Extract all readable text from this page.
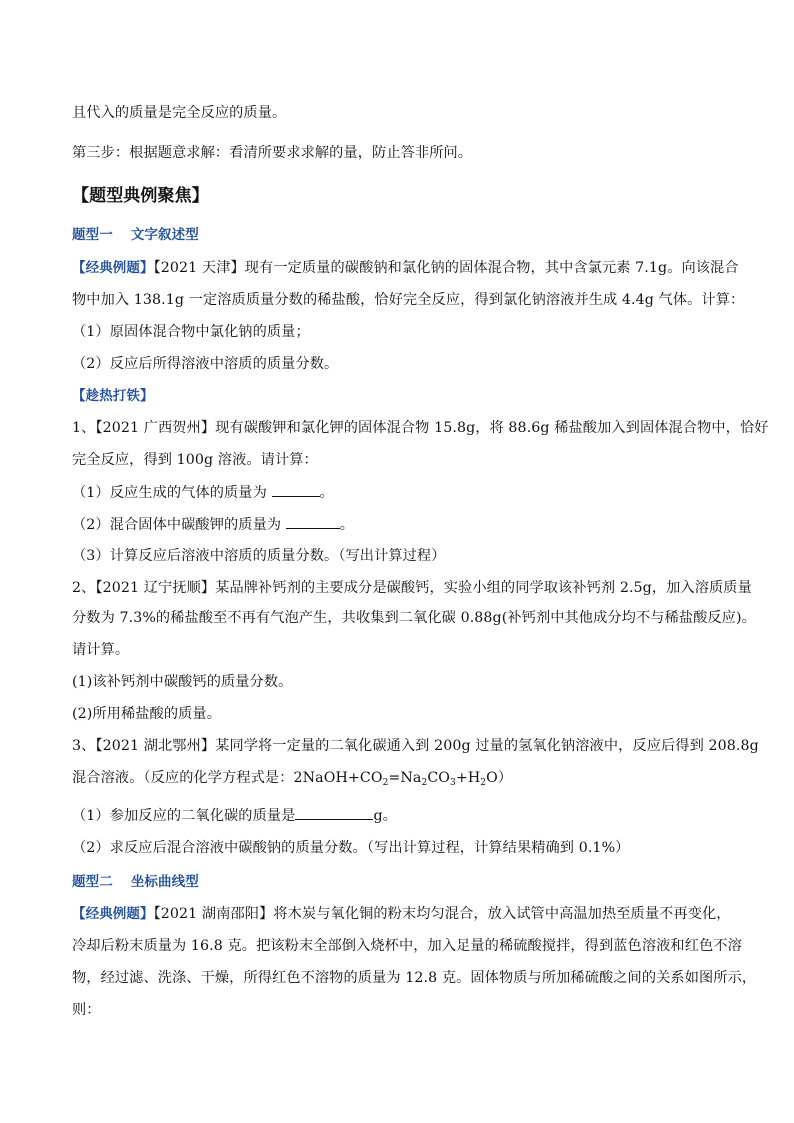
且代入的质量是完全反应的质量。
第三步：根据题意求解：看清所要求求解的量，防止答非所问。
【题型典例聚焦】
题型一 文字叙述型
【经典例题】【2021 天津】现有一定质量的碳酸钠和氯化钠的固体混合物，其中含氯元素 7.1g。向该混合
物中加入 138.1g 一定溶质质量分数的稀盐酸，恰好完全反应，得到氯化钠溶液并生成 4.4g 气体。计算：
（1）原固体混合物中氯化钠的质量；
（2）反应后所得溶液中溶质的质量分数。
【趁热打铁】
1、【2021 广西贺州】现有碳酸钾和氯化钾的固体混合物 15.8g，将 88.6g 稀盐酸加入到固体混合物中，恰好
完全反应，得到 100g 溶液。请计算：
（1）反应生成的气体的质量为	。
（2）混合固体中碳酸钾的质量为	。
（3）计算反应后溶液中溶质的质量分数。（写出计算过程）
2、【2021 辽宁抚顺】某品牌补钙剂的主要成分是碳酸钙，实验小组的同学取该补钙剂 2.5g，加入溶质质量
分数为 7.3%的稀盐酸至不再有气泡产生，共收集到二氧化碳 0.88g(补钙剂中其他成分均不与稀盐酸反应)。
请计算。
(1)该补钙剂中碳酸钙的质量分数。
(2)所用稀盐酸的质量。
3、【2021 湖北鄂州】某同学将一定量的二氧化碳通入到 200g 过量的氢氧化钠溶液中，反应后得到 208.8g
混合溶液。（反应的化学方程式是：$2NaOH+CO_2=Na_2CO_3+H_2O$）
（1）参加反应的二氧化碳的质量是	g。
（2）求反应后混合溶液中碳酸钠的质量分数。（写出计算过程，计算结果精确到 0.1%）
题型二 坐标曲线型
【经典例题】【2021 湖南邵阳】将木炭与氧化铜的粉末均匀混合，放入试管中高温加热至质量不再变化，
冷却后粉末质量为 16.8 克。把该粉末全部倒入烧杯中，加入足量的稀硫酸搅拌，得到蓝色溶液和红色不溶
物，经过滤、洗涤、干燥，所得红色不溶物的质量为 12.8 克。固体物质与所加稀硫酸之间的关系如图所示，
则：
